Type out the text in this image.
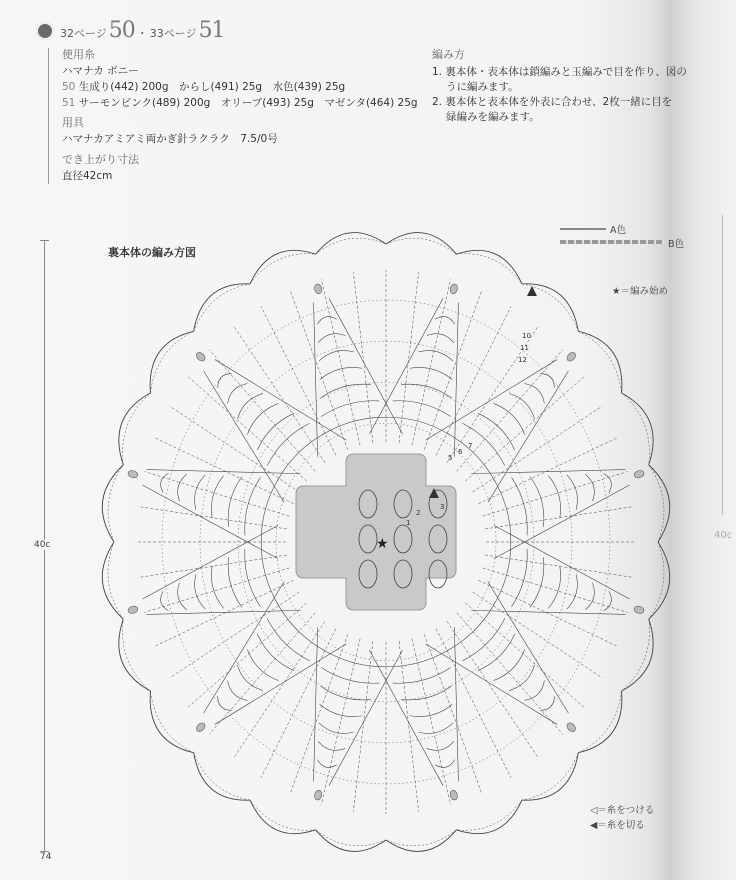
32ページ 50 ・ 33ページ 51
使用糸
ハマナカ ボニー
50 生成り(442) 200g　からし(491) 25g　水色(439) 25g
51 サーモンピンク(489) 200g　オリーブ(493) 25g　マゼンタ(464) 25g
用具
ハマナカアミアミ両かぎ針ラクラク　7.5/0号
でき上がり寸法
直径42cm
編み方
1. 裏本体・表本体は鎖編みと玉編みで目を作り、図の
うに編みます。
2. 裏本体と表本体を外表に合わせ、2枚一緒に目を
緑編みを編みます。
裏本体の編み方図
A色
B色
★＝編み始め
40c
◁＝糸をつける
◀＝糸を切る
74
40c
★
1
2
3
10
11
12
5
6
7
